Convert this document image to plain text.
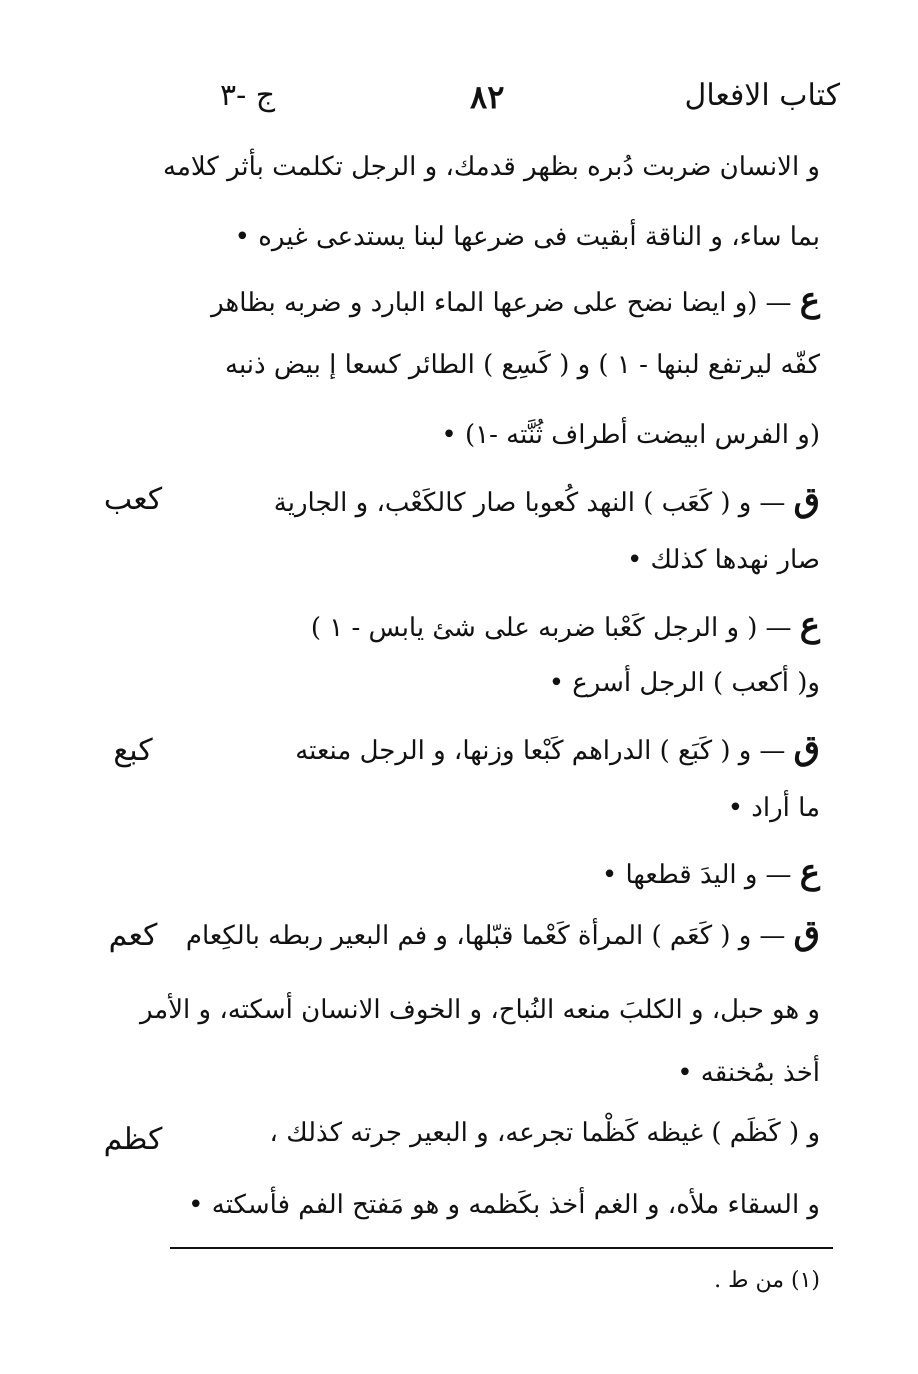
كتاب الافعال
٨٢
ج -٣
و الانسان ضربت دُبره بظهر قدمك، و الرجل تكلمت بأثر كلامه
بما ساء، و الناقة أبقيت فى ضرعها لبنا يستدعى غيره •
ع —(و ايضا نضح على ضرعها الماء البارد و ضربه بظاهر
كفّه ليرتفع لبنها - ١ ) و ( كَسِع ) الطائر كسعا إ بيض ذنبه
(و الفرس ابيضت أطراف ثُنَّته -١) •
ق —و ( كَعَب ) النهد كُعوبا صار كالكَعْب، و الجارية
صار نهدها كذلك •
ع —( و الرجل كَعْبا ضربه على شئ يابس - ١ )
و( أكعب ) الرجل أسرع •
ق —و ( كَبَع ) الدراهم كَبْعا وزنها، و الرجل منعته
ما أراد •
ع —و اليدَ قطعها •
ق —و ( كَعَم ) المرأة كَعْما قبّلها، و فم البعير ربطه بالكِعام
و هو حبل، و الكلبَ منعه النُباح، و الخوف الانسان أسكته، و الأمر
أخذ بمُخنقه •
و ( كَظَم ) غيظه كَظْما تجرعه، و البعير جرته كذلك ،
و السقاء ملأه، و الغم أخذ بكَظمه و هو مَفتح الفم فأسكته •
كعب
كبع
كعم
كظم
(١) من ط .
